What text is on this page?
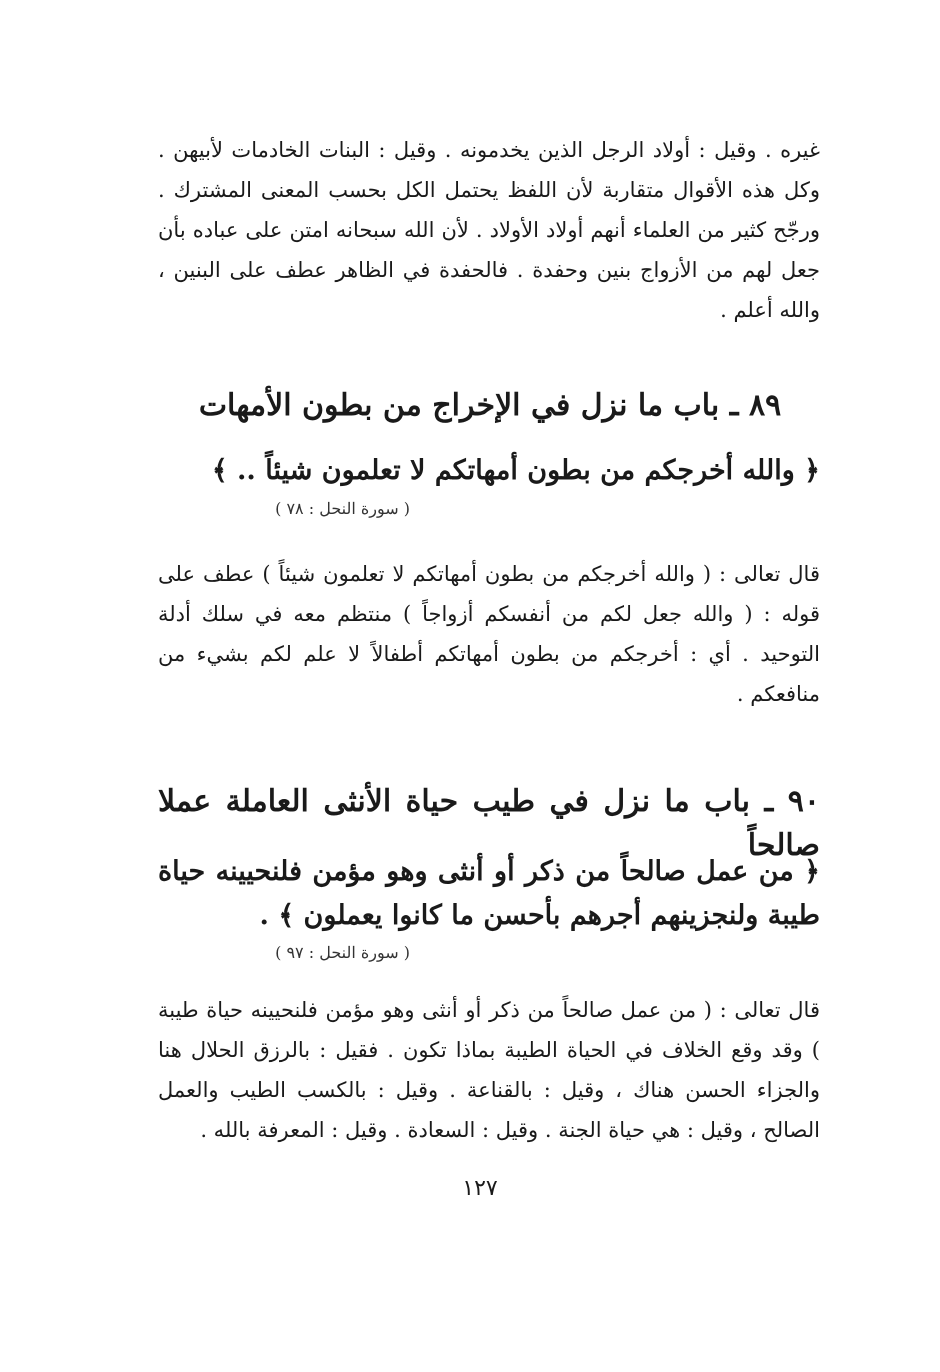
غيره . وقيل : أولاد الرجل الذين يخدمونه . وقيل : البنات الخادمات لأبيهن . وكل هذه الأقوال متقاربة لأن اللفظ يحتمل الكل بحسب المعنى المشترك . ورجّح كثير من العلماء أنهم أولاد الأولاد . لأن الله سبحانه امتن على عباده بأن جعل لهم من الأزواج بنين وحفدة . فالحفدة في الظاهر عطف على البنين ، والله أعلم .

٨٩ ـ باب ما نزل في الإخراج من بطون الأمهات
﴿ والله أخرجكم من بطون أمهاتكم لا تعلمون شيئاً .. ﴾
( سورة النحل : ٧٨ )

قال تعالى : ( والله أخرجكم من بطون أمهاتكم لا تعلمون شيئاً ) عطف على قوله : ( والله جعل لكم من أنفسكم أزواجاً ) منتظم معه في سلك أدلة التوحيد . أي : أخرجكم من بطون أمهاتكم أطفالاً لا علم لكم بشيء من منافعكم .

٩٠ ـ باب ما نزل في طيب حياة الأنثى العاملة عملا صالحاً
﴿ من عمل صالحاً من ذكر أو أنثى وهو مؤمن فلنحيينه حياة طيبة ولنجزينهم أجرهم بأحسن ما كانوا يعملون ﴾ .
( سورة النحل : ٩٧ )

قال تعالى : ( من عمل صالحاً من ذكر أو أنثى وهو مؤمن فلنحيينه حياة طيبة ) وقد وقع الخلاف في الحياة الطيبة بماذا تكون . فقيل : بالرزق الحلال هنا والجزاء الحسن هناك ، وقيل : بالقناعة . وقيل : بالكسب الطيب والعمل الصالح ، وقيل : هي حياة الجنة . وقيل : السعادة . وقيل : المعرفة بالله .

١٢٧
